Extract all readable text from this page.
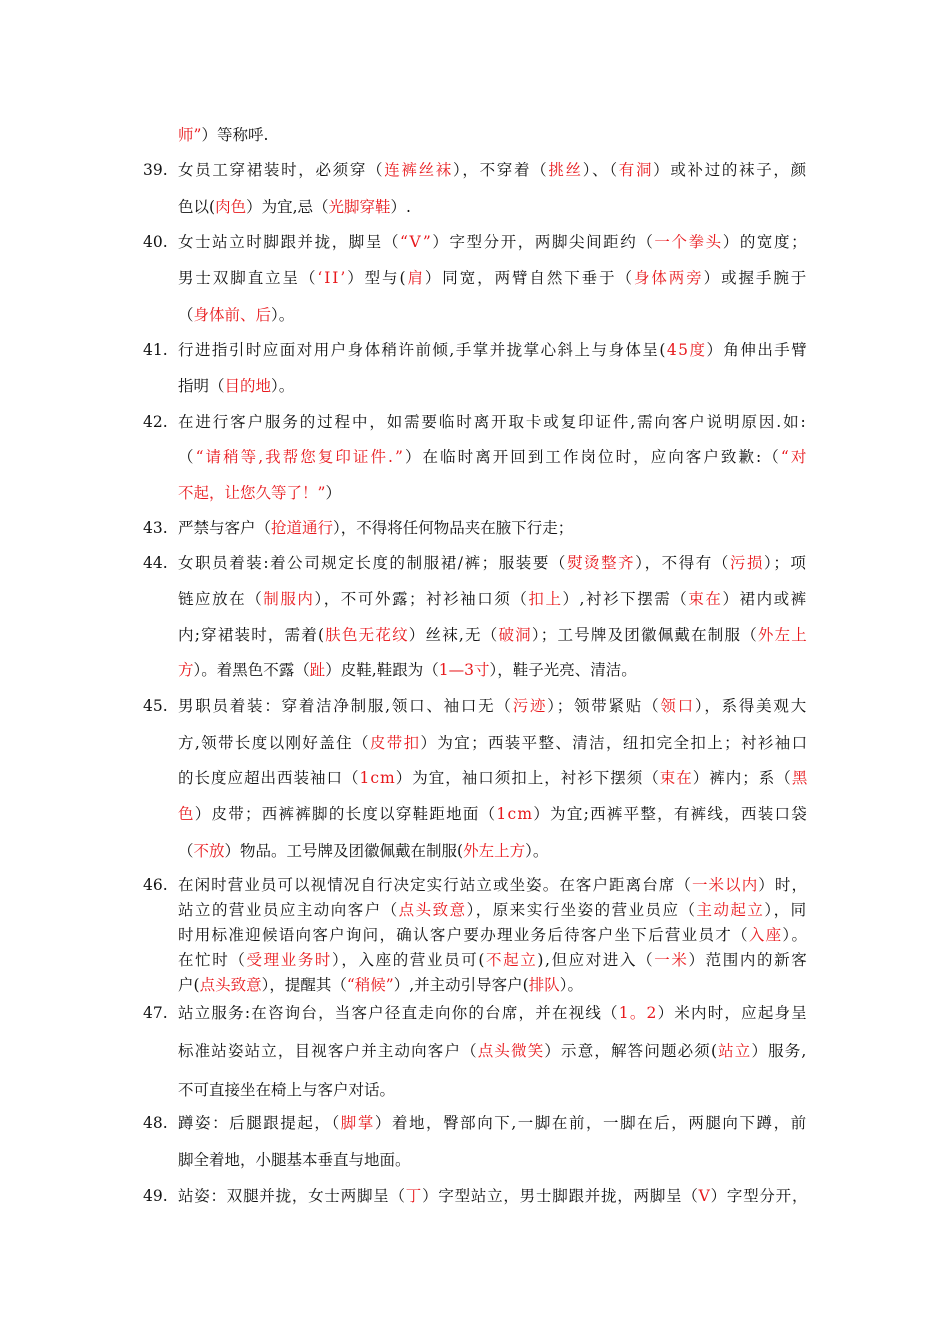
师”）等称呼.
39. 女员工穿裙装时，必须穿（连裤丝袜），不穿着（挑丝）、（有洞）或补过的袜子，颜
色以(肉色）为宜,忌（光脚穿鞋）.
40. 女士站立时脚跟并拢，脚呈（“V”）字型分开，两脚尖间距约（一个拳头）的宽度；
男士双脚直立呈（‘II’）型与(肩）同宽，两臂自然下垂于（身体两旁）或握手腕于
（身体前、后）。
41. 行进指引时应面对用户身体稍许前倾,手掌并拢掌心斜上与身体呈(45度）角伸出手臂
指明（目的地）。
42. 在进行客户服务的过程中，如需要临时离开取卡或复印证件,需向客户说明原因.如:
（“请稍等,我帮您复印证件.”）在临时离开回到工作岗位时，应向客户致歉:（“对
不起，让您久等了！”）
43. 严禁与客户（抢道通行），不得将任何物品夹在腋下行走；
44. 女职员着装:着公司规定长度的制服裙/裤；服装要（熨烫整齐），不得有（污损）；项
链应放在（制服内），不可外露；衬衫袖口须（扣上）,衬衫下摆需（束在）裙内或裤
内;穿裙装时，需着(肤色无花纹）丝袜,无（破洞）；工号牌及团徽佩戴在制服（外左上
方）。着黑色不露（趾）皮鞋,鞋跟为（1—3寸），鞋子光亮、清洁。
45. 男职员着装：穿着洁净制服,领口、袖口无（污迹）；领带紧贴（领口），系得美观大
方,领带长度以刚好盖住（皮带扣）为宜；西装平整、清洁，纽扣完全扣上；衬衫袖口
的长度应超出西装袖口（1cm）为宜，袖口须扣上，衬衫下摆须（束在）裤内；系（黑
色）皮带；西裤裤脚的长度以穿鞋距地面（1cm）为宜;西裤平整，有裤线，西装口袋
（不放）物品。工号牌及团徽佩戴在制服(外左上方）。
46. 在闲时营业员可以视情况自行决定实行站立或坐姿。在客户距离台席（一米以内）时，
站立的营业员应主动向客户（点头致意），原来实行坐姿的营业员应（主动起立），同
时用标准迎候语向客户询问，确认客户要办理业务后待客户坐下后营业员才（入座）。
在忙时（受理业务时），入座的营业员可(不起立),但应对进入（一米）范围内的新客
户(点头致意），提醒其（“稍候”）,并主动引导客户(排队）。
47. 站立服务:在咨询台，当客户径直走向你的台席，并在视线（1。2）米内时，应起身呈
标准站姿站立，目视客户并主动向客户（点头微笑）示意，解答问题必须(站立）服务,
不可直接坐在椅上与客户对话。
48. 蹲姿：后腿跟提起，（脚掌）着地，臀部向下,一脚在前，一脚在后，两腿向下蹲，前
脚全着地，小腿基本垂直与地面。
49. 站姿：双腿并拢，女士两脚呈（丁）字型站立，男士脚跟并拢，两脚呈（V）字型分开，
